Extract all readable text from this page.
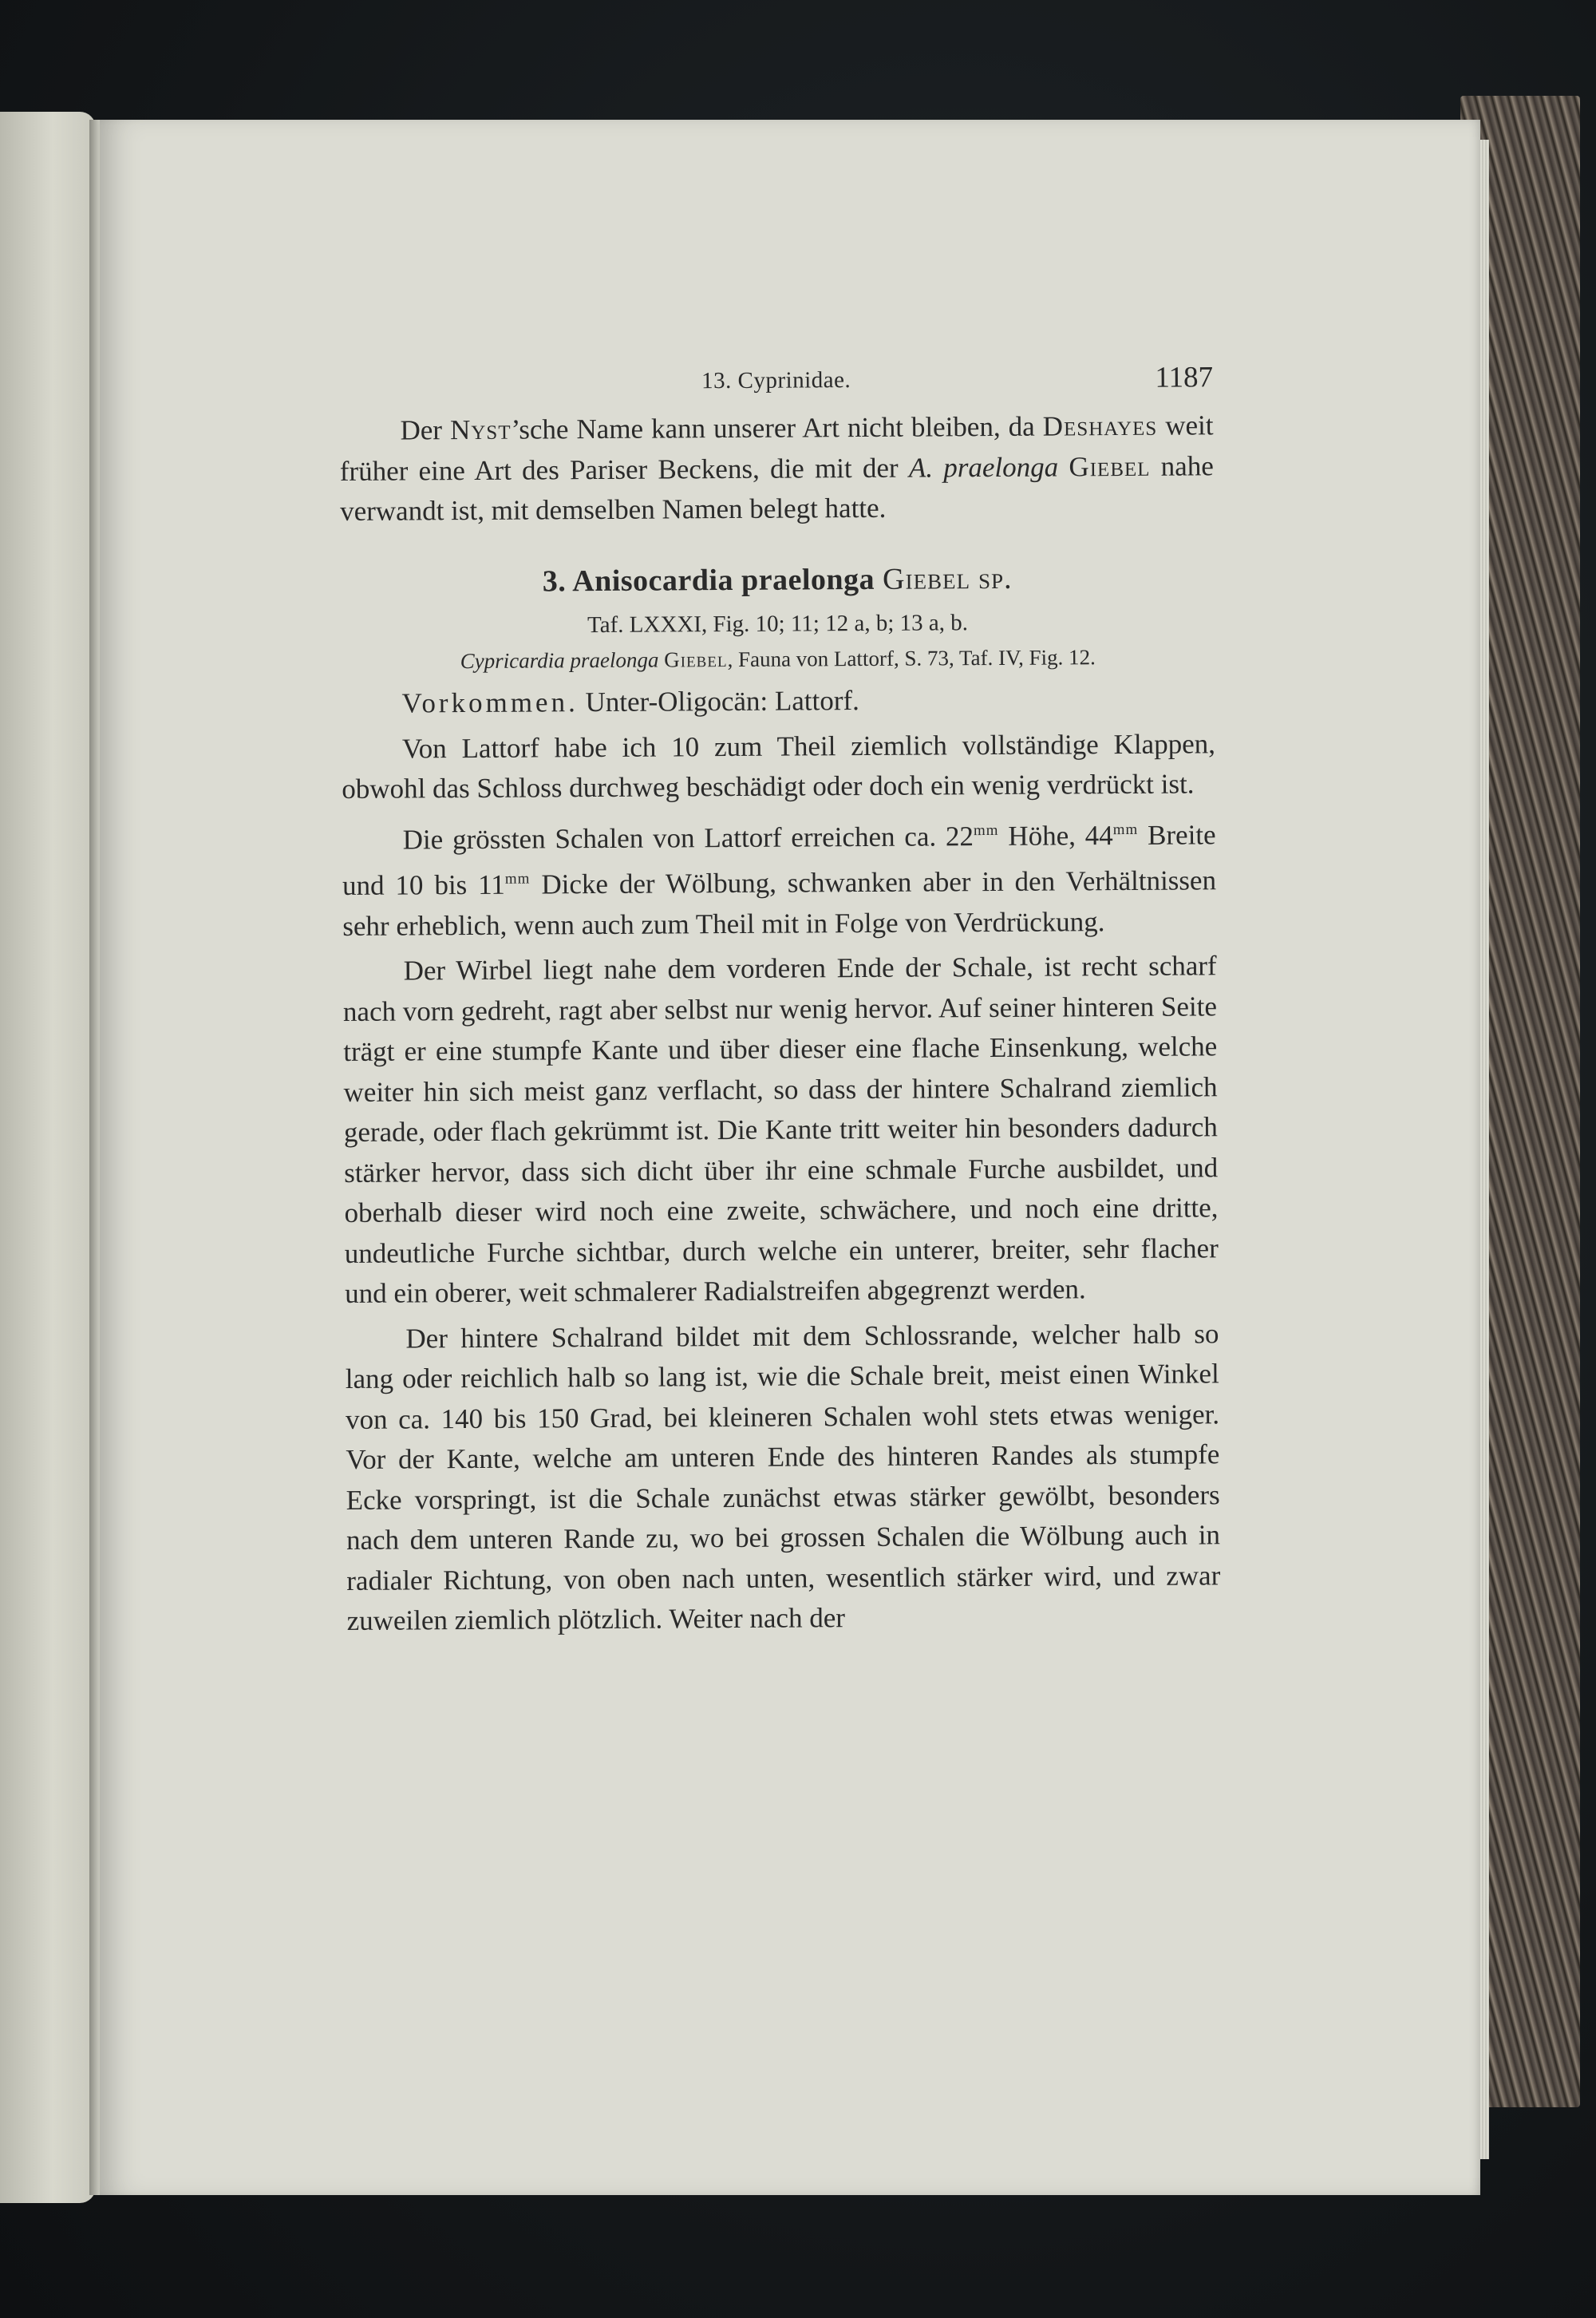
13. Cyprinidae.	1187

Der Nyst’sche Name kann unserer Art nicht bleiben, da Deshayes weit früher eine Art des Pariser Beckens, die mit der A. praelonga Giebel nahe verwandt ist, mit demselben Namen belegt hatte.

3. Anisocardia praelonga Giebel sp.
Taf. LXXXI, Fig. 10; 11; 12 a, b; 13 a, b.
Cypricardia praelonga Giebel, Fauna von Lattorf, S. 73, Taf. IV, Fig. 12.

Vorkommen. Unter-Oligocän: Lattorf.

Von Lattorf habe ich 10 zum Theil ziemlich vollständige Klappen, obwohl das Schloss durchweg beschädigt oder doch ein wenig verdrückt ist.

Die grössten Schalen von Lattorf erreichen ca. $22^{mm}$ Höhe, $44^{mm}$ Breite und 10 bis $11^{mm}$ Dicke der Wölbung, schwanken aber in den Verhältnissen sehr erheblich, wenn auch zum Theil mit in Folge von Verdrückung.

Der Wirbel liegt nahe dem vorderen Ende der Schale, ist recht scharf nach vorn gedreht, ragt aber selbst nur wenig hervor. Auf seiner hinteren Seite trägt er eine stumpfe Kante und über dieser eine flache Einsenkung, welche weiter hin sich meist ganz verflacht, so dass der hintere Schalrand ziemlich gerade, oder flach gekrümmt ist. Die Kante tritt weiter hin besonders dadurch stärker hervor, dass sich dicht über ihr eine schmale Furche ausbildet, und oberhalb dieser wird noch eine zweite, schwächere, und noch eine dritte, undeutliche Furche sichtbar, durch welche ein unterer, breiter, sehr flacher und ein oberer, weit schmalerer Radialstreifen abgegrenzt werden.

Der hintere Schalrand bildet mit dem Schlossrande, welcher halb so lang oder reichlich halb so lang ist, wie die Schale breit, meist einen Winkel von ca. 140 bis 150 Grad, bei kleineren Schalen wohl stets etwas weniger. Vor der Kante, welche am unteren Ende des hinteren Randes als stumpfe Ecke vorspringt, ist die Schale zunächst etwas stärker gewölbt, besonders nach dem unteren Rande zu, wo bei grossen Schalen die Wölbung auch in radialer Richtung, von oben nach unten, wesentlich stärker wird, und zwar zuweilen ziemlich plötzlich. Weiter nach der
